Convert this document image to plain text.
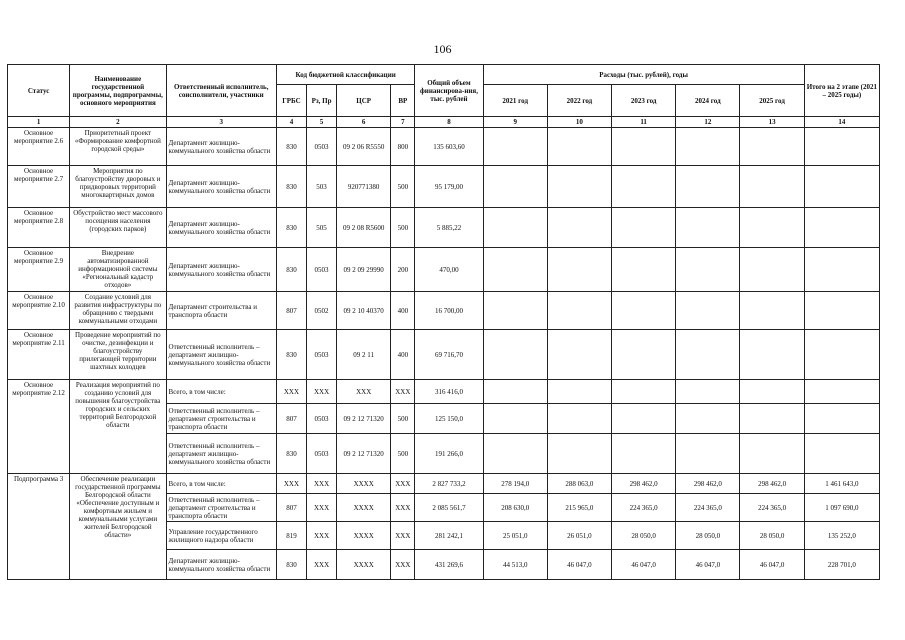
106
Статус	Наименование государственной программы, подпрограммы, основного мероприятия	Ответственный исполнитель, соисполнители, участники	Код бюджетной классификации				Общий объем финансирова-ния, тыс. рублей	Расходы (тыс. рублей), годы					Итого на 2 этапе (2021 – 2025 годы)
			ГРБС	Рз, Пр	ЦСР	ВР		2021 год	2022 год	2023 год	2024 год	2025 год	
1	2	3	4	5	6	7	8	9	10	11	12	13	14
Основное мероприятие 2.6	Приоритетный проект «Формирование комфортной городской среды»	Департамент жилищно-коммунального хозяйства области	830	0503	09 2 06 R5550	800	135 603,60						
Основное мероприятие 2.7	Мероприятия по благоустройству дворовых и придворовых территорий многоквартирных домов	Департамент жилищно-коммунального хозяйства области	830	503	920771380	500	95 179,00						
Основное мероприятие 2.8	Обустройство мест массового посещения населения (городских парков)	Департамент жилищно-коммунального хозяйства области	830	505	09 2 08 R5600	500	5 885,22						
Основное мероприятие 2.9	Внедрение автоматизированной информационной системы «Региональный кадастр отходов»	Департамент жилищно-коммунального хозяйства области	830	0503	09 2 09 29990	200	470,00						
Основное мероприятие 2.10	Создание условий для развития инфраструктуры по обращению с твердыми коммунальными отходами	Департамент строительства и транспорта области	807	0502	09 2 10 40370	400	16 700,00						
Основное мероприятие 2.11	Проведение мероприятий по очистке, дезинфекции и благоустройству прилегающей территории шахтных колодцев	Ответственный исполнитель – департамент жилищно-коммунального хозяйства области	830	0503	09 2 11	400	69 716,70						
Основное мероприятие 2.12	Реализация мероприятий по созданию условий для повышения благоустройства городских и сельских территорий Белгородской области	Всего, в том числе:	ХХХ	ХХХ	ХХХ	ХХХ	316 416,0						
		Ответственный исполнитель – департамент строительства и транспорта области	807	0503	09 2 12 71320	500	125 150,0						
		Ответственный исполнитель – департамент жилищно-коммунального хозяйства области	830	0503	09 2 12 71320	500	191 266,0						
Подпрограмма 3	Обеспечение реализации государственной программы Белгородской области «Обеспечение доступным и комфортным жильем и коммунальными услугами жителей Белгородской области»	Всего, в том числе:	ХХХ	ХХХ	ХХХХ	ХХХ	2 827 733,2	278 194,0	288 063,0	298 462,0	298 462,0	298 462,0	1 461 643,0
		Ответственный исполнитель – департамент строительства и транспорта области	807	ХХХ	ХХХХ	ХХХ	2 085 561,7	208 630,0	215 965,0	224 365,0	224 365,0	224 365,0	1 097 690,0
		Управление государственного жилищного надзора области	819	ХХХ	ХХХХ	ХХХ	281 242,1	25 051,0	26 051,0	28 050,0	28 050,0	28 050,0	135 252,0
		Департамент жилищно-коммунального хозяйства области	830	ХХХ	ХХХХ	ХХХ	431 269,6	44 513,0	46 047,0	46 047,0	46 047,0	46 047,0	228 701,0
